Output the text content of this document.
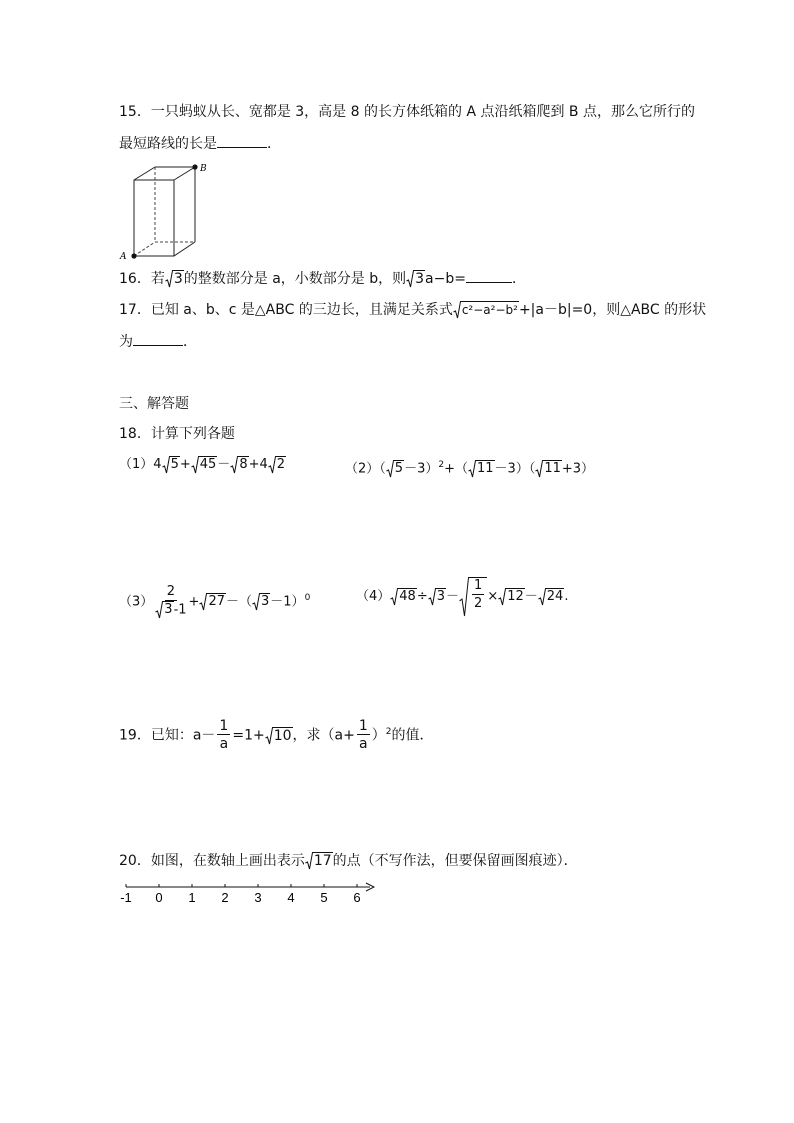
15．一只蚂蚁从长、宽都是 3，高是 8 的长方体纸箱的 A 点沿纸箱爬到 B 点，那么它所行的
最短路线的长是	．
A
B
16．若 3 的整数部分是 a，小数部分是 b，则 3 a−b=	．
17．已知 a、b、c 是△ABC 的三边长，且满足关系式 c²−a²−b² +|a－b|=0，则△ABC 的形状
为	．
三、解答题
18．计算下列各题
（1）4 5 + 45 － 8 +4 2	（2）（ 5 －3）$^2$+（ 11 －3）（ 11 +3）
$(3) \frac{2}{3 -1} + 27$ －（ 3 －1）$^0$	（4） $48 \div 3 - \frac{1}{2} \times 12 - 24$ .
19．已知：$a- \frac{1}{a} =1+ 10$ ，求$(a+ \frac{1}{a} )^2$的值．
20．如图，在数轴上画出表示 17 的点（不写作法，但要保留画图痕迹）．
-1 0 1 2 3 4 5 6
